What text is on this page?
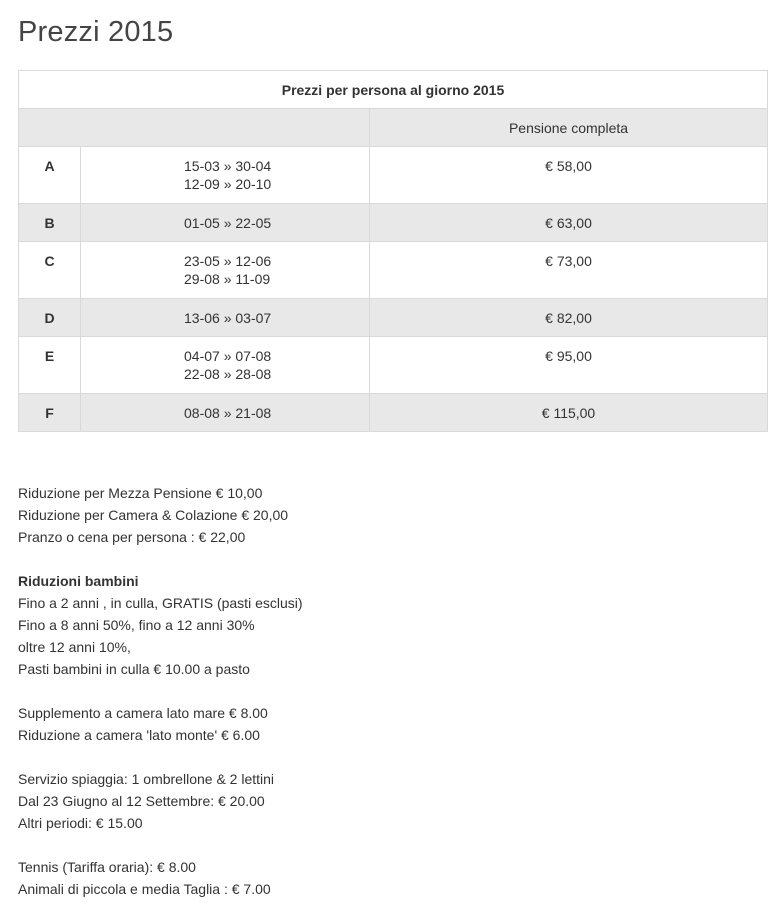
Prezzi 2015
Prezzi per persona al giorno 2015		
		Pensione completa
A	15-03 » 30-04
12-09 » 20-10	€ 58,00
B	01-05 » 22-05	€ 63,00
C	23-05 » 12-06
29-08 » 11-09	€ 73,00
D	13-06 » 03-07	€ 82,00
E	04-07 » 07-08
22-08 » 28-08	€ 95,00
F	08-08 » 21-08	€ 115,00

Riduzione per Mezza Pensione € 10,00
Riduzione per Camera & Colazione € 20,00
Pranzo o cena per persona : € 22,00

Riduzioni bambini
Fino a 2 anni , in culla, GRATIS (pasti esclusi)
Fino a 8 anni 50%, fino a 12 anni 30%
oltre 12 anni 10%,
Pasti bambini in culla € 10.00 a pasto

Supplemento a camera lato mare € 8.00
Riduzione a camera 'lato monte' € 6.00

Servizio spiaggia: 1 ombrellone & 2 lettini
Dal 23 Giugno al 12 Settembre: € 20.00
Altri periodi: € 15.00

Tennis (Tariffa oraria): € 8.00
Animali di piccola e media Taglia : € 7.00
